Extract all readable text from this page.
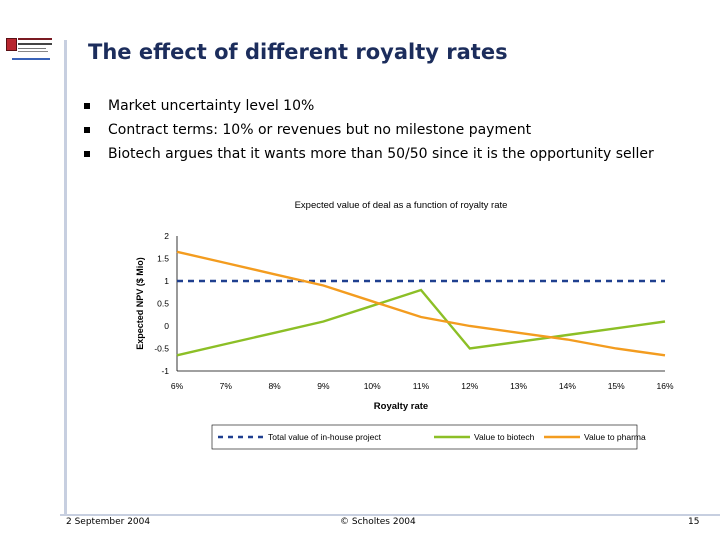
The effect of different royalty rates
Market uncertainty level 10%
Contract terms: 10% or revenues but no milestone payment
Biotech argues that it wants more than 50/50 since it is the opportunity seller
Expected value of deal as a function of royalty rate
2
1.5
1
0.5
0
-0.5
-1
6%	7%	8%	9%	10%	11%	12%	13%	14%	15%	16%
Royalty rate
Expected NPV ($ Mio)
Total value of in-house project	Value to biotech	Value to pharma
2 September 2004	© Scholtes 2004	15
